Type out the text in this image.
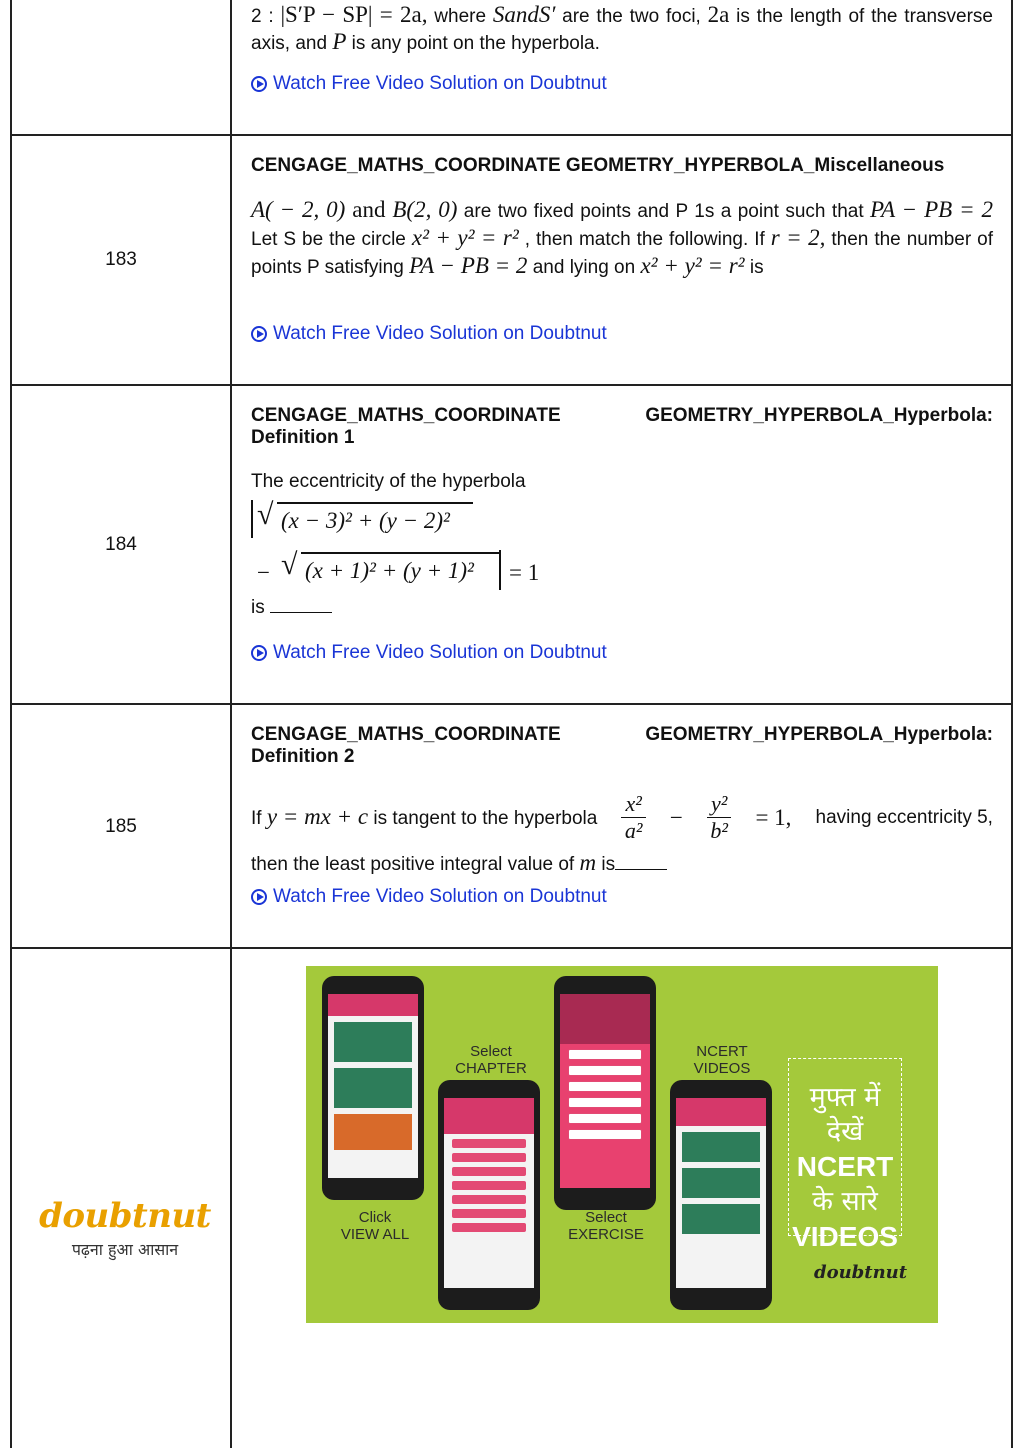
2 : |S′P − SP| = 2a, where SandS′ are the two foci, 2a is the length of the transverse axis, and P is any point on the hyperbola.
Watch Free Video Solution on Doubtnut
183
CENGAGE_MATHS_COORDINATE GEOMETRY_HYPERBOLA_Miscellaneous
A( − 2, 0) and B(2, 0) are two fixed points and P 1s a point such that PA − PB = 2 Let S be the circle x² + y² = r² , then match the following. If r = 2, then the number of points P satisfying PA − PB = 2 and lying on x² + y² = r² is
Watch Free Video Solution on Doubtnut
184
CENGAGE_MATHS_COORDINATE	GEOMETRY_HYPERBOLA_Hyperbola:
Definition 1
The eccentricity of the hyperbola
√ (x − 3)² + (y − 2)²
− √ (x + 1)² + (y + 1)² = 1
is
Watch Free Video Solution on Doubtnut
185
CENGAGE_MATHS_COORDINATE	GEOMETRY_HYPERBOLA_Hyperbola:
Definition 2
If y = mx + c is tangent to the hyperbola $\frac{\text{x²}}{\text{a²}} - \frac{\text{y²}}{\text{b²}} = 1$, having eccentricity 5,
then the least positive integral value of m is
Watch Free Video Solution on Doubtnut
doubtnut
पढ़ना हुआ आसान
Select
CHAPTER
NCERT
VIDEOS
Click
VIEW ALL
Select
EXERCISE
मुफ्त में देखें
NCERT
के सारे
VIDEOS
doubtnut
